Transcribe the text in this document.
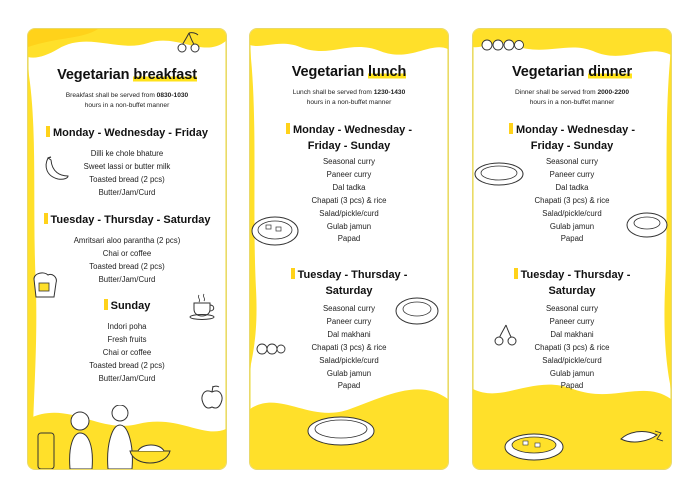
Vegetarian breakfast
Breakfast shall be served from 0830-1030
hours in a non-buffet manner
Monday - Wednesday - Friday
Dilli ke chole bhature
Sweet lassi or butter milk
Toasted bread (2 pcs)
Butter/Jam/Curd
Tuesday - Thursday - Saturday
Amritsari aloo parantha (2 pcs)
Chai or coffee
Toasted bread (2 pcs)
Butter/Jam/Curd
Sunday
Indori poha
Fresh fruits
Chai or coffee
Toasted bread (2 pcs)
Butter/Jam/Curd
Vegetarian lunch
Lunch shall be served from 1230-1430
hours in a non-buffet manner
Monday - Wednesday -
Friday - Sunday
Seasonal curry
Paneer curry
Dal tadka
Chapati (3 pcs) & rice
Salad/pickle/curd
Gulab jamun
Papad
Tuesday - Thursday -
Saturday
Seasonal curry
Paneer curry
Dal makhani
Chapati (3 pcs) & rice
Salad/pickle/curd
Gulab jamun
Papad
Vegetarian dinner
Dinner shall be served from 2000-2200
hours in a non-buffet manner
Monday - Wednesday -
Friday - Sunday
Seasonal curry
Paneer curry
Dal tadka
Chapati (3 pcs) & rice
Salad/pickle/curd
Gulab jamun
Papad
Tuesday - Thursday -
Saturday
Seasonal curry
Paneer curry
Dal makhani
Chapati (3 pcs) & rice
Salad/pickle/curd
Gulab jamun
Papad
